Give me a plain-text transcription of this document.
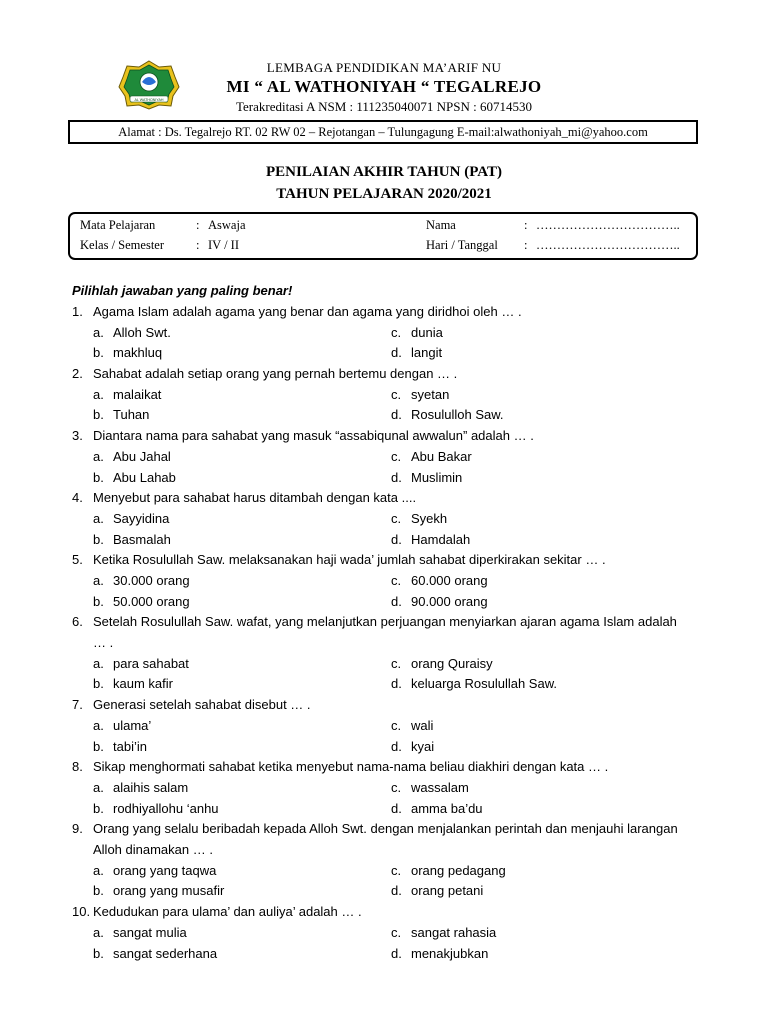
AL WATHONIYAH
LEMBAGA PENDIDIKAN MA’ARIF NU
MI “ AL WATHONIYAH “ TEGALREJO
Terakreditasi A NSM : 111235040071 NPSN : 60714530
Alamat : Ds. Tegalrejo RT. 02 RW 02 – Rejotangan – Tulungagung E-mail:alwathoniyah_mi@yahoo.com
PENILAIAN AKHIR TAHUN (PAT)
TAHUN PELAJARAN 2020/2021
Mata Pelajaran	: Aswaja	Nama	: ……………………………..
Kelas / Semester	: IV / II	Hari / Tanggal : ……………………………..
Pilihlah jawaban yang paling benar!
1. Agama Islam adalah agama yang benar dan agama yang diridhoi oleh … .
a. Alloh Swt.	c. dunia
b. makhluq	d. langit
2. Sahabat adalah setiap orang yang pernah bertemu dengan … .
a. malaikat	c. syetan
b. Tuhan	d. Rosululloh Saw.
3. Diantara nama para sahabat yang masuk “assabiqunal awwalun” adalah … .
a. Abu Jahal	c. Abu Bakar
b. Abu Lahab	d. Muslimin
4. Menyebut para sahabat harus ditambah dengan kata ....
a. Sayyidina	c. Syekh
b. Basmalah	d. Hamdalah
5. Ketika Rosulullah Saw. melaksanakan haji wada’ jumlah sahabat diperkirakan sekitar … .
a. 30.000 orang	c. 60.000 orang
b. 50.000 orang	d. 90.000 orang
6. Setelah Rosulullah Saw. wafat, yang melanjutkan perjuangan menyiarkan ajaran agama Islam adalah … .
a. para sahabat	c. orang Quraisy
b. kaum kafir	d. keluarga Rosulullah Saw.
7. Generasi setelah sahabat disebut … .
a. ulama’	c. wali
b. tabi’in	d. kyai
8. Sikap menghormati sahabat ketika menyebut nama-nama beliau diakhiri dengan kata … .
a. alaihis salam	c. wassalam
b. rodhiyallohu ‘anhu	d. amma ba’du
9. Orang yang selalu beribadah kepada Alloh Swt. dengan menjalankan perintah dan menjauhi larangan Alloh dinamakan … .
a. orang yang taqwa	c. orang pedagang
b. orang yang musafir	d. orang petani
10. Kedudukan para ulama’ dan auliya’ adalah … .
a. sangat mulia	c. sangat rahasia
b. sangat sederhana	d. menakjubkan
